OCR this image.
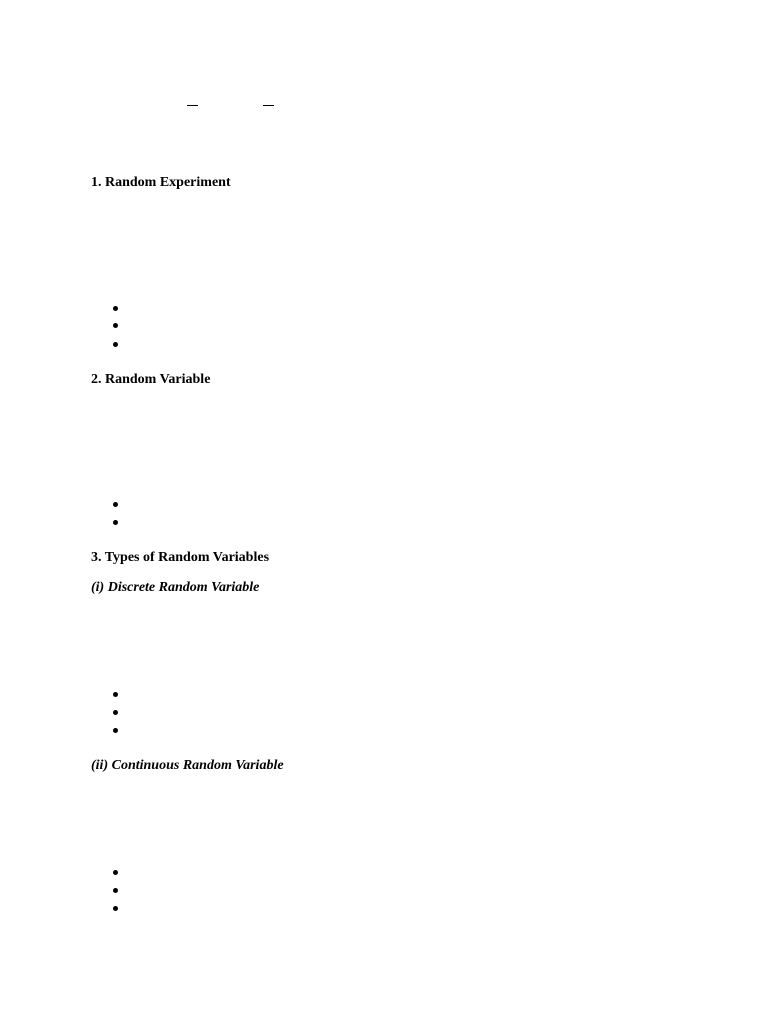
1. Random Experiment
2. Random Variable
3. Types of Random Variables
(i) Discrete Random Variable
(ii) Continuous Random Variable
